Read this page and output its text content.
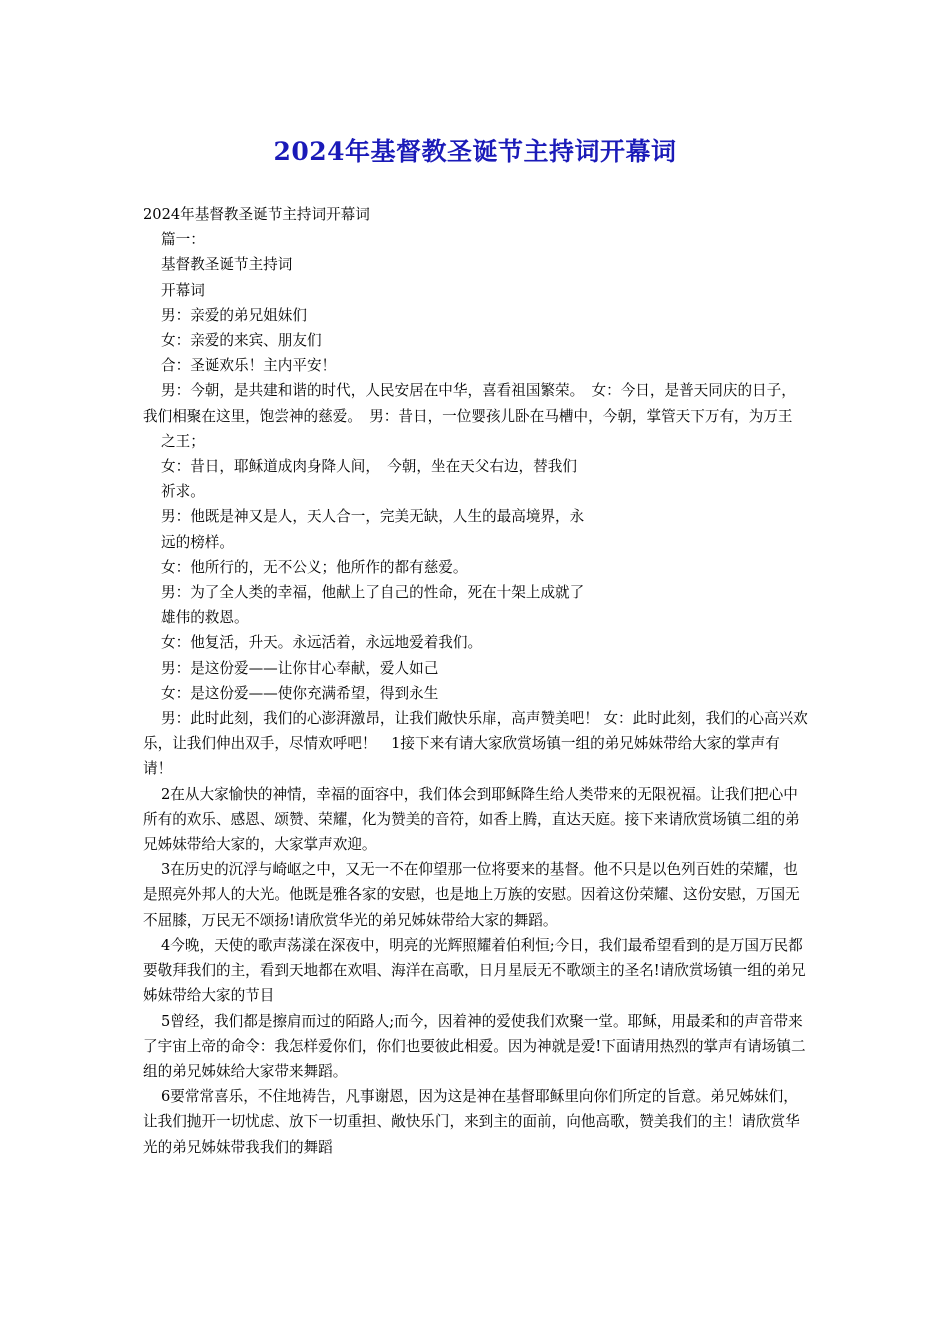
2024年基督教圣诞节主持词开幕词

2024年基督教圣诞节主持词开幕词

篇一：

基督教圣诞节主持词

开幕词

男：亲爱的弟兄姐妹们

女：亲爱的来宾、朋友们

合：圣诞欢乐！主内平安！

男：今朝，是共建和谐的时代，人民安居在中华，喜看祖国繁荣。　女：今日，是普天同庆的日子，我们相聚在这里，饱尝神的慈爱。　男：昔日，一位婴孩儿卧在马槽中，今朝，掌管天下万有，为万王

之王；

女：昔日，耶稣道成肉身降人间，　今朝，坐在天父右边，替我们

祈求。

男：他既是神又是人，天人合一，完美无缺，人生的最高境界，永

远的榜样。

女：他所行的，无不公义；他所作的都有慈爱。

男：为了全人类的幸福，他献上了自己的性命，死在十架上成就了

雄伟的救恩。

女：他复活，升天。永远活着，永远地爱着我们。

男：是这份爱——让你甘心奉献，爱人如己

女：是这份爱——使你充满希望，得到永生

男：此时此刻，我们的心澎湃激昂，让我们敞快乐扉，高声赞美吧！ 女：此时此刻，我们的心高兴欢乐，让我们伸出双手，尽情欢呼吧！　1接下来有请大家欣赏场镇一组的弟兄姊妹带给大家的掌声有请！

2在从大家愉快的神情，幸福的面容中，我们体会到耶稣降生给人类带来的无限祝福。让我们把心中所有的欢乐、感恩、颂赞、荣耀，化为赞美的音符，如香上腾，直达天庭。接下来请欣赏场镇二组的弟兄姊妹带给大家的，大家掌声欢迎。

3在历史的沉浮与崎岖之中，又无一不在仰望那一位将要来的基督。他不只是以色列百姓的荣耀，也是照亮外邦人的大光。他既是雅各家的安慰，也是地上万族的安慰。因着这份荣耀、这份安慰，万国无不屈膝，万民无不颂扬!请欣赏华光的弟兄姊妹带给大家的舞蹈。

4今晚，天使的歌声荡漾在深夜中，明亮的光辉照耀着伯利恒;今日，我们最希望看到的是万国万民都要敬拜我们的主，看到天地都在欢唱、海洋在高歌，日月星辰无不歌颂主的圣名!请欣赏场镇一组的弟兄姊妹带给大家的节目

5曾经，我们都是擦肩而过的陌路人;而今，因着神的爱使我们欢聚一堂。耶稣，用最柔和的声音带来了宇宙上帝的命令：我怎样爱你们，你们也要彼此相爱。因为神就是爱!下面请用热烈的掌声有请场镇二组的弟兄姊妹给大家带来舞蹈。

6要常常喜乐，不住地祷告，凡事谢恩，因为这是神在基督耶稣里向你们所定的旨意。弟兄姊妹们，让我们抛开一切忧虑、放下一切重担、敞快乐门，来到主的面前，向他高歌，赞美我们的主！请欣赏华光的弟兄姊妹带我我们的舞蹈
